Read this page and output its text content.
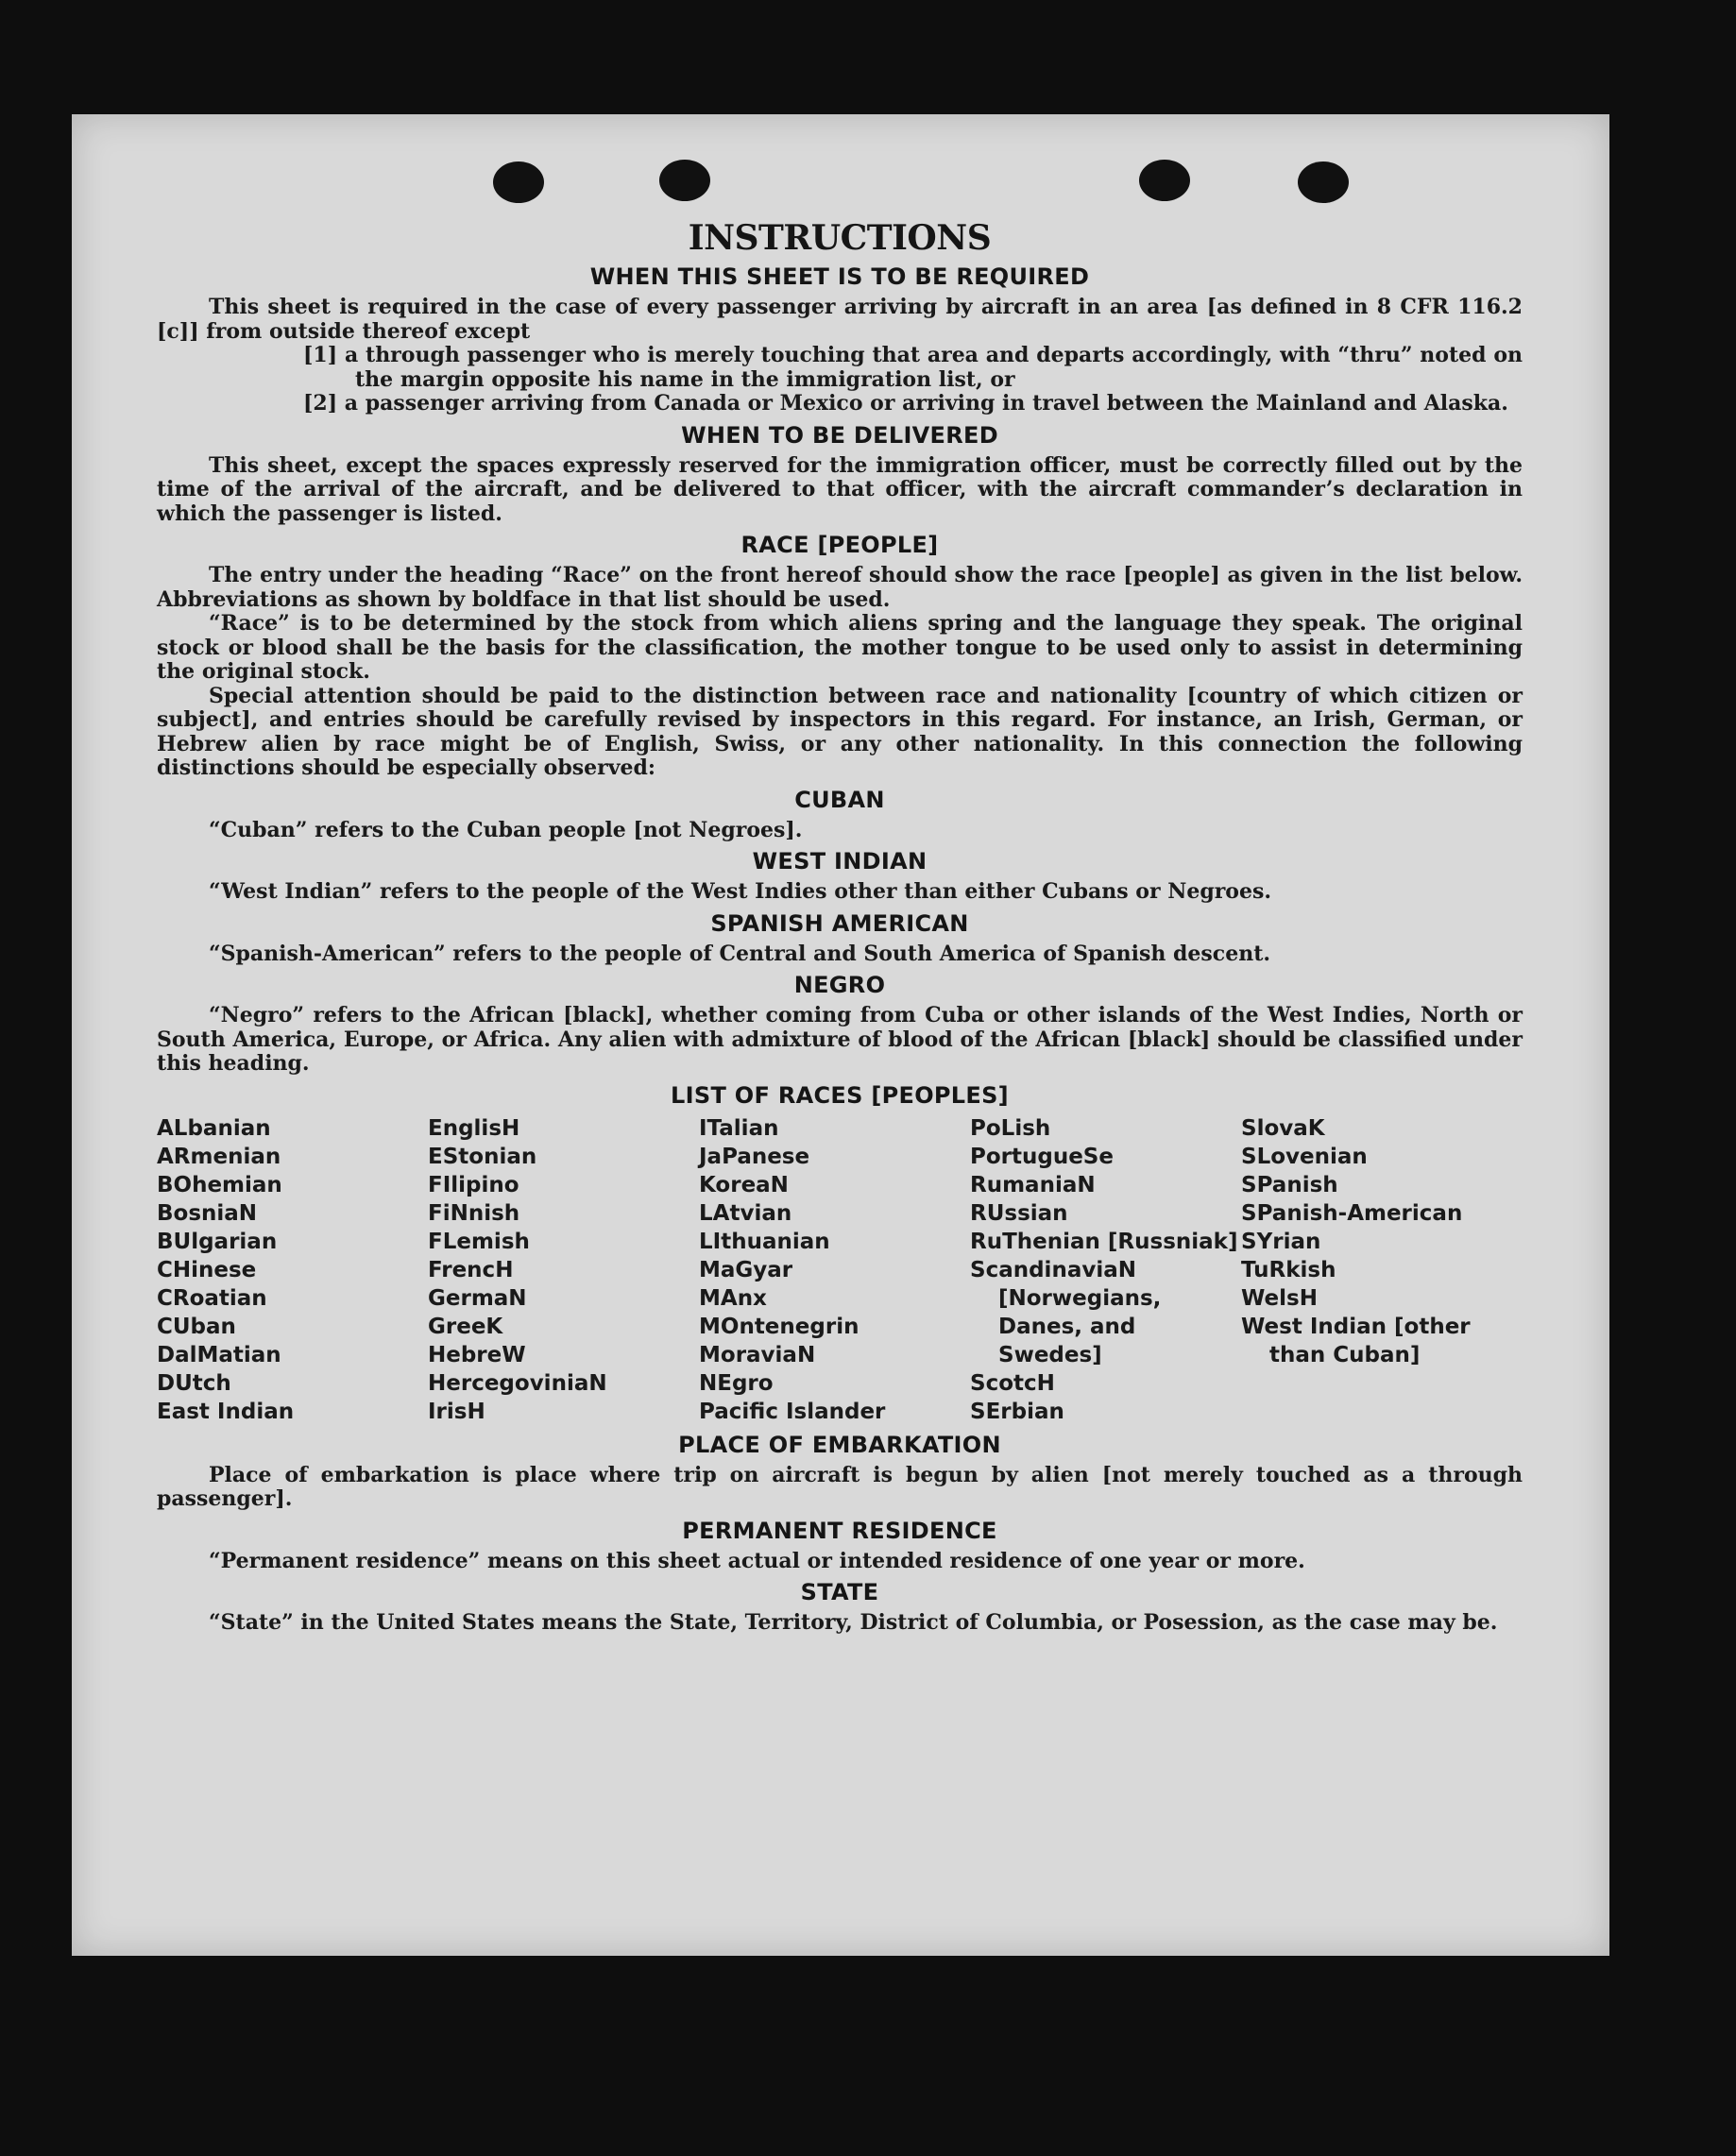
INSTRUCTIONS
WHEN THIS SHEET IS TO BE REQUIRED

This sheet is required in the case of every passenger arriving by aircraft in an area [as defined in 8 CFR 116.2 [c]] from outside thereof except

[1] a through passenger who is merely touching that area and departs accordingly, with “thru” noted on the margin opposite his name in the immigration list, or

[2] a passenger arriving from Canada or Mexico or arriving in travel between the Mainland and Alaska.

WHEN TO BE DELIVERED

This sheet, except the spaces expressly reserved for the immigration officer, must be correctly filled out by the time of the arrival of the aircraft, and be delivered to that officer, with the aircraft commander’s declaration in which the passenger is listed.

RACE [PEOPLE]

The entry under the heading “Race” on the front hereof should show the race [people] as given in the list below. Abbreviations as shown by boldface in that list should be used.

“Race” is to be determined by the stock from which aliens spring and the language they speak. The original stock or blood shall be the basis for the classification, the mother tongue to be used only to assist in determining the original stock.

Special attention should be paid to the distinction between race and nationality [country of which citizen or subject], and entries should be carefully revised by inspectors in this regard. For instance, an Irish, German, or Hebrew alien by race might be of English, Swiss, or any other nationality. In this connection the following distinctions should be especially observed:

CUBAN

“Cuban” refers to the Cuban people [not Negroes].

WEST INDIAN

“West Indian” refers to the people of the West Indies other than either Cubans or Negroes.

SPANISH AMERICAN

“Spanish-American” refers to the people of Central and South America of Spanish descent.

NEGRO

“Negro” refers to the African [black], whether coming from Cuba or other islands of the West Indies, North or South America, Europe, or Africa. Any alien with admixture of blood of the African [black] should be classified under this heading.

LIST OF RACES [PEOPLES]
ALbanian
ARmenian
BOhemian
BosniaN
BUlgarian
CHinese
CRoatian
CUban
DalMatian
DUtch
East Indian
EnglisH
EStonian
FIlipino
FiNnish
FLemish
FrencH
GermaN
GreeK
HebreW
HercegovinіaN
IrisH
ITalian
JaPanese
KoreaN
LAtvian
LIthuanian
MaGyar
MAnx
MOntenegrin
MoraviaN
NEgro
Pacific Islander
PoLish
PortugueSe
RumaniaN
RUssian
RuThenian [Russniak]
ScandinaviaN [Norwegians, Danes, and Swedes]
ScotcH
SErbian
SlovaK
SLovenian
SPanish
SPanish-American
SYrian
TuRkish
WelsH
West Indian [other than Cuban]
PLACE OF EMBARKATION

Place of embarkation is place where trip on aircraft is begun by alien [not merely touched as a through passenger].

PERMANENT RESIDENCE

“Permanent residence” means on this sheet actual or intended residence of one year or more.

STATE

“State” in the United States means the State, Territory, District of Columbia, or Posession, as the case may be.
